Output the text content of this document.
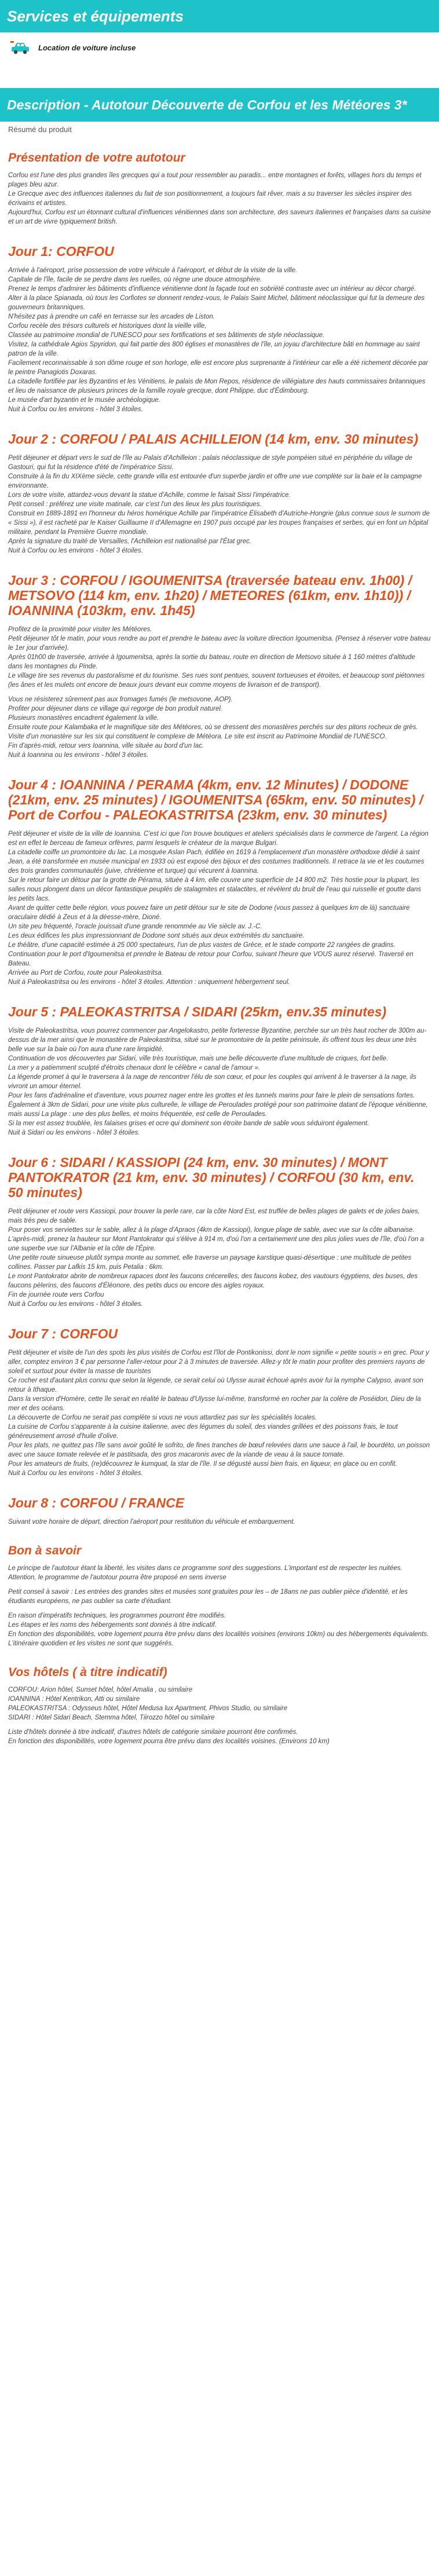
Services et équipements
Location de voiture incluse
Description - Autotour Découverte de Corfou et les Météores 3*
Résumé du produit
Présentation de votre autotour

Corfou est l'une des plus grandes îles grecques qui a tout pour ressembler au paradis... entre montagnes et forêts, villages hors du temps et plages bleu azur.
Le Grecque avec des influences italiennes du fait de son positionnement, a toujours fait rêver, mais a su traverser les siècles inspirer des écrivains et artistes.
Aujourd'hui, Corfou est un étonnant cultural d'influences vénitiennes dans son architecture, des saveurs italiennes et françaises dans sa cuisine
et un art de vivre typiquement british.

Jour 1: CORFOU

Arrivée à l'aéroport, prise possession de votre véhicule à l'aéroport, et début de la visite de la ville.
Capitale de l'île, facile de se perdre dans les ruelles, où règne une douce atmosphère.
Prenez le temps d'admirer les bâtiments d'influence vénitienne dont la façade tout en sobriété contraste avec un intérieur au décor chargé.
Alter à la place Spianada, où tous les Corfiotes se donnent rendez-vous, le Palais Saint Michel, bâtiment néoclassique qui fut la demeure des gouverneurs britanniques.
N'hésitez pas à prendre un café en terrasse sur les arcades de Liston.
Corfou recèle des trésors culturels et historiques dont la vieille ville,
Classée au patrimoine mondial de l'UNESCO pour ses fortifications et ses bâtiments de style néoclassique.
Visitez, la cathédrale Agios Spyridon, qui fait partie des 800 églises et monastères de l'île, un joyau d'architecture bâti en hommage au saint patron de la ville.
Facilement reconnaissable à son dôme rouge et son horloge, elle est encore plus surprenante à l'intérieur car elle a été richement décorée par le peintre Panagiotis Doxaras.
La citadelle fortifiée par les Byzantins et les Vénitiens, le palais de Mon Repos, résidence de villégiature des hauts commissaires britanniques et lieu de naissance de plusieurs princes de la famille royale grecque, dont Philippe, duc d'Édimbourg.
Le musée d'art byzantin et le musée archéologique.
Nuit à Corfou ou les environs - hôtel 3 étoiles.

Jour 2 : CORFOU / PALAIS ACHILLEION (14 km, env. 30 minutes)

Petit déjeuner et départ vers le sud de l'île au Palais d'Achilleion : palais néoclassique de style pompéien situé en périphérie du village de Gastouri, qui fut la résidence d'été de l'impératrice Sissi.
Construite à la fin du XIXème siècle, cette grande villa est entourée d'un superbe jardin et offre une vue complète sur la baie et la campagne environnante.
Lors de votre visite, attardez-vous devant la statue d'Achille, comme le faisait Sissi l'impératrice.
Petit conseil : préférez une visite matinale, car c'est l'un des lieux les plus touristiques.
Construit en 1889-1891 en l'honneur du héros homérique Achille par l'impératrice Élisabeth d'Autriche-Hongrie (plus connue sous le surnom de « Sissi »), il est racheté par le Kaiser Guillaume II d'Allemagne en 1907 puis occupé par les troupes françaises et serbes, qui en font un hôpital militaire, pendant la Première Guerre mondiale.
Après la signature du traité de Versailles, l'Achilleion est nationalisé par l'État grec.
Nuit à Corfou ou les environs - hôtel 3 étoiles.

Jour 3 : CORFOU / IGOUMENITSA (traversée bateau env. 1h00) / METSOVO (114 km, env. 1h20) / METEORES (61km, env. 1h10)) / IOANNINA (103km, env. 1h45)

Profitez de la proximité pour visiter les Météores.
Petit déjeuner tôt le matin, pour vous rendre au port et prendre le bateau avec la voiture direction Igoumenitsa. (Pensez à réserver votre bateau le 1er jour d'arrivée).
Après 01h00 de traversée, arrivée à Igoumenitsa, après la sortie du bateau, route en direction de Metsovo située à 1 160 mètres d'altitude dans les montagnes du Pinde.
Le village tire ses revenus du pastoralisme et du tourisme. Ses rues sont pentues, souvent tortueuses et étroites, et beaucoup sont piétonnes (les ânes et les mulets ont encore de beaux jours devant eux comme moyens de livraison et de transport).

Vous ne résisterez sûrement pas aux fromages fumés (le metsovone, AOP).
Profiter pour déjeuner dans ce village qui regorge de bon produit naturel.
Plusieurs monastères encadrent également la ville.
Ensuite route pour Kalambaka et le magnifique site des Météores, où se dressent des monastères perchés sur des pitons rocheux de grès. Visite d'un monastère sur les six qui constituent le complexe de Météora. Le site est inscrit au Patrimoine Mondial de l'UNESCO.
Fin d'après-midi, retour vers Ioannina, ville située au bord d'un lac.
Nuit à Ioannina ou les environs - hôtel 3 étoiles.

Jour 4 : IOANNINA / PERAMA (4km, env. 12 Minutes) / DODONE (21km, env. 25 minutes) / IGOUMENITSA (65km, env. 50 minutes) / Port de Corfou - PALEOKASTRITSA (23km, env. 30 minutes)

Petit déjeuner et visite de la ville de Ioannina. C'est ici que l'on trouve boutiques et ateliers spécialisés dans le commerce de l'argent. La région est en effet le berceau de fameux orfèvres, parmi lesquels le créateur de la marque Bulgari.
La citadelle coiffe un promontoire du lac. La mosquée Aslan Pach, édifiée en 1619 à l'emplacement d'un monastère orthodoxe dédié à saint Jean, a été transformée en musée municipal en 1933 où est exposé des bijoux et des costumes traditionnels. Il retrace la vie et les coutumes des trois grandes communautés (juive, chrétienne et turque) qui vécurent à Ioannina.
Sur le retour faire un détour par la grotte de Pérama, située à 4 km, elle couvre une superficie de 14 800 m2. Très hostie pour la plupart, les salles nous plongent dans un décor fantastique peuplés de stalagmites et stalactites, et révèlent du bruit de l'eau qui ruisselle et goutte dans les petits lacs.
Avant de quitter cette belle région, vous pouvez faire un petit détour sur le site de Dodone (vous passez à quelques km de là) sanctuaire oraculaire dédié à Zeus et à la déesse-mère, Dioné.
Un site peu fréquenté, l'oracle jouissait d'une grande renommée au Vie siècle av. J.-C.
Les deux édifices les plus impressionnant de Dodone sont situés aux deux extrémités du sanctuaire.
Le théâtre, d'une capacité estimée à 25 000 spectateurs, l'un de plus vastes de Grèce, et le stade comporte 22 rangées de gradins.
Continuation pour le port d'Igoumenitsa et prendre le Bateau de retour pour Corfou, suivant l'heure que VOUS aurez réservé. Traversé en Bateau.
Arrivée au Port de Corfou, route pour Paleokastritsa.
Nuit à Paleokastritsa ou les environs - hôtel 3 étoiles. Attention : uniquement hébergement seul.

Jour 5 : PALEOKASTRITSA / SIDARI (25km, env.35 minutes)

Visite de Paleokastritsa, vous pourrez commencer par Angelokastro, petite forteresse Byzantine, perchée sur un très haut rocher de 300m au-dessus de la mer ainsi que le monastère de Paleokastritsa, situé sur le promontoire de la petite péninsule, ils offrent tous les deux une très belle vue sur la baie où l'on aura d'une rare limpidité.
Continuation de vos découvertes par Sidari, ville très touristique, mais une belle découverte d'une multitude de criques, fort belle.
La mer y a patiemment sculpté d'étroits chenaux dont le célèbre « canal de l'amour ».
La légende promet à qui le traversera à la nage de rencontrer l'élu de son cœur, et pour les couples qui arrivent à le traverser à la nage, ils vivront un amour éternel.
Pour les fans d'adrénaline et d'aventure, vous pourrez nager entre les grottes et les tunnels marins pour faire le plein de sensations fortes.
Également à 3km de Sidari, pour une visite plus culturelle, le village de Peroulades protégé pour son patrimoine datant de l'époque vénitienne, mais aussi La plage : une des plus belles, et moins fréquentée, est celle de Peroulades.
Si la mer est assez troublée, les falaises grises et ocre qui dominent son étroite bande de sable vous séduiront également.
Nuit à Sidari ou les environs - hôtel 3 étoiles.

Jour 6 : SIDARI / KASSIOPI (24 km, env. 30 minutes) / MONT PANTOKRATOR (21 km, env. 30 minutes) / CORFOU (30 km, env. 50 minutes)

Petit déjeuner et route vers Kassiopi, pour trouver la perle rare, car la côte Nord Est, est truffée de belles plages de galets et de jolies baies, mais très peu de sable.
Pour poser vos serviettes sur le sable, allez à la plage d'Apraos (4km de Kassiopi), longue plage de sable, avec vue sur la côte albanaise.
L'après-midi, prenez la hauteur sur Mont Pantokrator qui s'élève à 914 m, d'où l'on a certainement une des plus jolies vues de l'île, d'où l'on a une superbe vue sur l'Albanie et la côte de l'Épire.
Une petite route sinueuse plutôt sympa monte au sommet, elle traverse un paysage karstique quasi-désertique : une multitude de petites collines. Passer par Lafkis 15 km, puis Petalia : 6km.
Le mont Pantokrator abrite de nombreux rapaces dont les faucons crécerelles, des faucons kobez, des vautours égyptiens, des buses, des faucons pèlerins, des faucons d'Éléonore, des petits ducs ou encore des aigles royaux.
Fin de journée route vers Corfou
Nuit à Corfou ou les environs - hôtel 3 étoiles.

Jour 7 : CORFOU

Petit déjeuner et visite de l'un des spots les plus visités de Corfou est l'îlot de Pontikonissi, dont le nom signifie « petite souris » en grec. Pour y aller, comptez environ 3 € par personne l'aller-retour pour 2 à 3 minutes de traversée. Allez-y tôt le matin pour profiter des premiers rayons de soleil et surtout pour éviter la masse de touristes
Ce rocher est d'autant plus connu que selon la légende, ce serait celui où Ulysse aurait échoué après avoir fui la nymphe Calypso, avant son retour à Ithaque.
Dans la version d'Homère, cette île serait en réalité le bateau d'Ulysse lui-même, transformé en rocher par la colère de Poséidon, Dieu de la mer et des océans.
La découverte de Corfou ne serait pas complète si vous ne vous attardiez pas sur les spécialités locales.
La cuisine de Corfou s'apparente à la cuisine italienne, avec des légumes du soleil, des viandes grillées et des poissons frais, le tout généreusement arrosé d'huile d'olive.
Pour les plats, ne quittez pas l'île sans avoir goûté le sofrito, de fines tranches de bœuf relevées dans une sauce à l'ail, le bourdéto, un poisson avec une sauce tomate relevée et le pastitsada, des gros macaronis avec de la viande de veau à la sauce tomate.
Pour les amateurs de fruits, (re)découvrez le kumquat, la star de l'île. Il se dégusté aussi bien frais, en liqueur, en glace ou en confit.
Nuit à Corfou ou les environs - hôtel 3 étoiles.

Jour 8 : CORFOU / FRANCE

Suivant votre horaire de départ, direction l'aéroport pour restitution du véhicule et embarquement.

Bon à savoir

Le principe de l'autotour étant la liberté, les visites dans ce programme sont des suggestions. L'important est de respecter les nuitées.
Attention, le programme de l'autotour pourra être proposé en sens inverse

Petit conseil à savoir : Les entrées des grandes sites et musées sont gratuites pour les – de 18ans ne pas oublier pièce d'identité, et les étudiants européens, ne pas oublier sa carte d'étudiant.

En raison d'impératifs techniques, les programmes pourront être modifiés.
Les étapes et les noms des hébergements sont donnés à titre indicatif.
En fonction des disponibilités, votre logement pourra être prévu dans des localités voisines (environs 10km) ou des hébergements équivalents.
L'itinéraire quotidien et les visites ne sont que suggérés.

Vos hôtels ( à titre indicatif)

CORFOU: Arion hôtel, Sunset hôtel, hôtel Amalia , ou similaire
IOANNINA : Hôtel Kentrikon, Atti ou similaire
PALEOKASTRITSA : Odysseus hôtel, Hôtel Medusa lux Apartment, Phivos Studio, ou similaire
SIDARI : Hôtel Sidari Beach, Stemma hôtel, Tiirozzo hôtel ou similaire

Liste d'hôtels donnée à titre indicatif, d'autres hôtels de catégorie similaire pourront être confirmés.
En fonction des disponibilités, votre logement pourra être prévu dans des localités voisines. (Environs 10 km)
